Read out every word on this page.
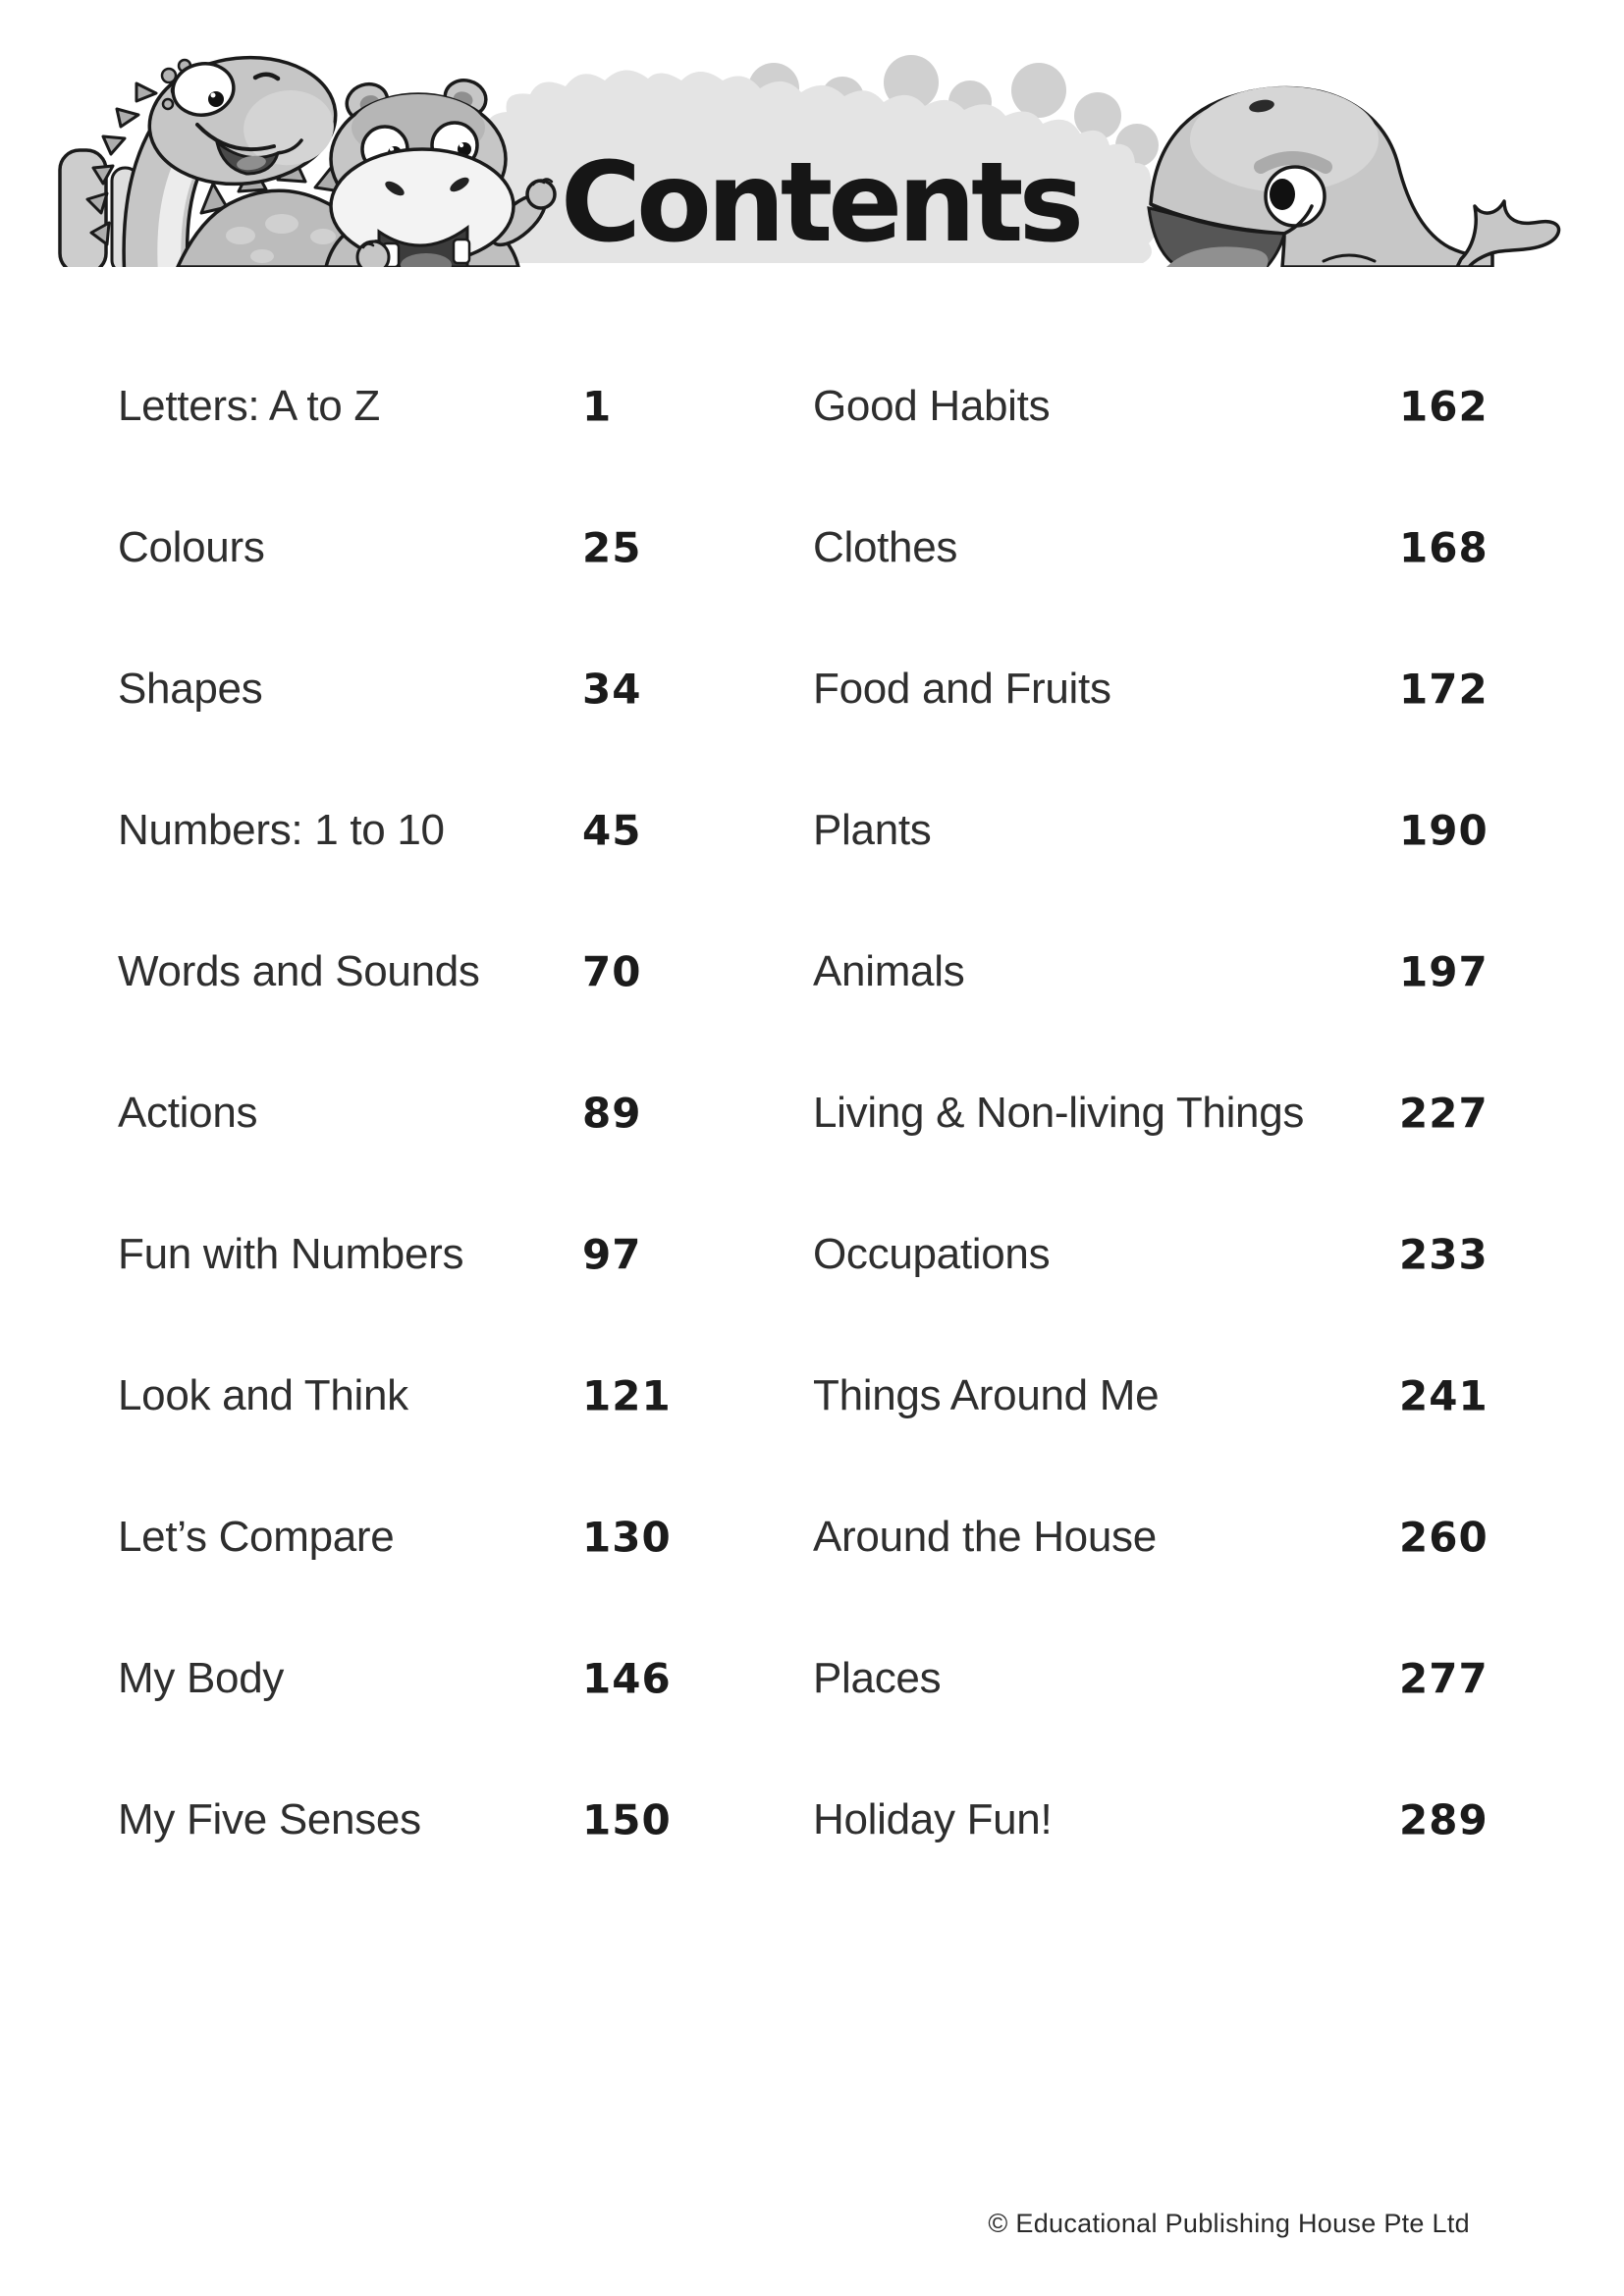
Contents
Letters: A to Z	1
Colours	25
Shapes	34
Numbers: 1 to 10	45
Words and Sounds 70
Actions	89
Fun with Numbers	97
Look and Think	121
Let’s Compare	130
My Body	146
My Five Senses	150
Good Habits	162
Clothes	168
Food and Fruits	172
Plants	190
Animals	197
Living & Non-living Things 227
Occupations	233
Things Around Me	241
Around the House	260
Places	277
Holiday Fun!	289
© Educational Publishing House Pte Ltd
